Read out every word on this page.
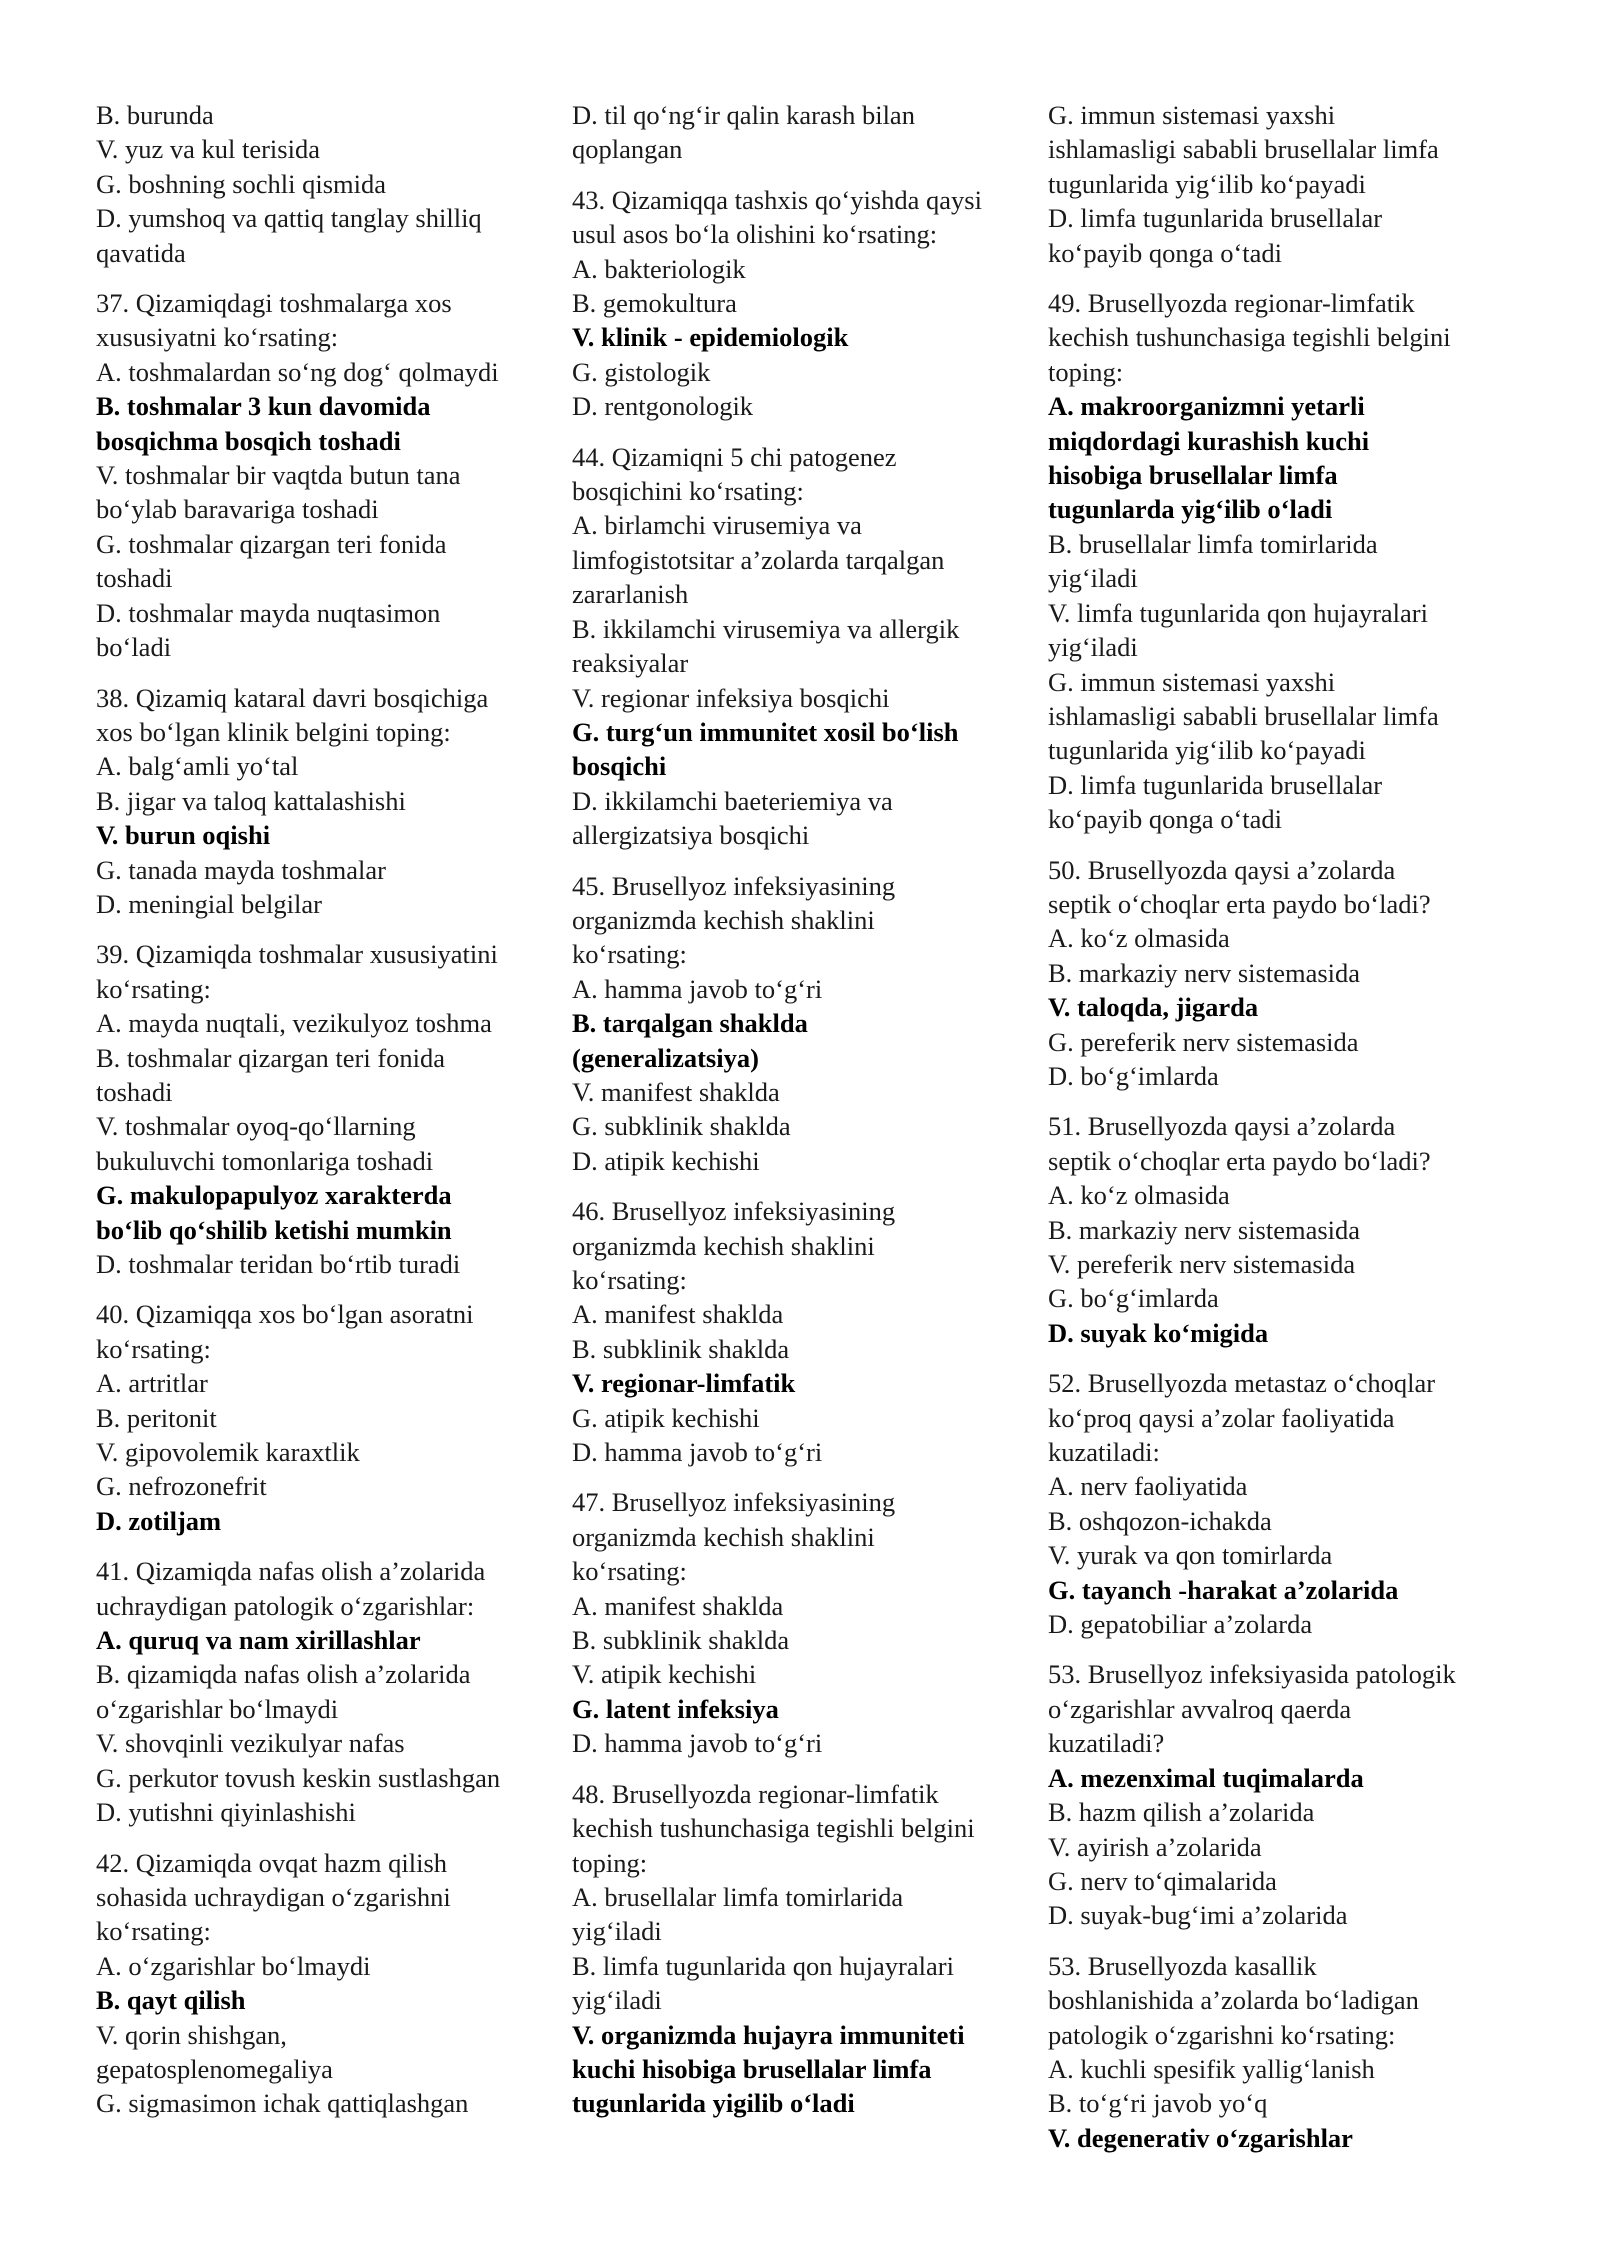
B. burunda
V. yuz va kul terisida
G. boshning sochli qismida
D. yumshoq va qattiq tanglay shilliq
qavatida
37. Qizamiqdagi toshmalarga xos
xususiyatni ko‘rsating:
A. toshmalardan so‘ng dog‘ qolmaydi
B. toshmalar 3 kun davomida
bosqichma bosqich toshadi
V. toshmalar bir vaqtda butun tana
bo‘ylab baravariga toshadi
G. toshmalar qizargan teri fonida
toshadi
D. toshmalar mayda nuqtasimon
bo‘ladi
38. Qizamiq kataral davri bosqichiga
xos bo‘lgan klinik belgini toping:
A. balg‘amli yo‘tal
B. jigar va taloq kattalashishi
V. burun oqishi
G. tanada mayda toshmalar
D. meningial belgilar
39. Qizamiqda toshmalar xususiyatini
ko‘rsating:
A. mayda nuqtali, vezikulyoz toshma
B. toshmalar qizargan teri fonida
toshadi
V. toshmalar oyoq-qo‘llarning
bukuluvchi tomonlariga toshadi
G. makulopapulyoz xarakterda
bo‘lib qo‘shilib ketishi mumkin
D. toshmalar teridan bo‘rtib turadi
40. Qizamiqqa xos bo‘lgan asoratni
ko‘rsating:
A. artritlar
B. peritonit
V. gipovolemik karaxtlik
G. nefrozonefrit
D. zotiljam
41. Qizamiqda nafas olish a’zolarida
uchraydigan patologik o‘zgarishlar:
A. quruq va nam xirillashlar
B. qizamiqda nafas olish a’zolarida
o‘zgarishlar bo‘lmaydi
V. shovqinli vezikulyar nafas
G. perkutor tovush keskin sustlashgan
D. yutishni qiyinlashishi
42. Qizamiqda ovqat hazm qilish
sohasida uchraydigan o‘zgarishni
ko‘rsating:
A. o‘zgarishlar bo‘lmaydi
B. qayt qilish
V. qorin shishgan,
gepatosplenomegaliya
G. sigmasimon ichak qattiqlashgan
D. til qo‘ng‘ir qalin karash bilan
qoplangan
43. Qizamiqqa tashxis qo‘yishda qaysi
usul asos bo‘la olishini ko‘rsating:
A. bakteriologik
B. gemokultura
V. klinik - epidemiologik
G. gistologik
D. rentgonologik
44. Qizamiqni 5 chi patogenez
bosqichini ko‘rsating:
A. birlamchi virusemiya va
limfogistotsitar a’zolarda tarqalgan
zararlanish
B. ikkilamchi virusemiya va allergik
reaksiyalar
V. regionar infeksiya bosqichi
G. turg‘un immunitet xosil bo‘lish
bosqichi
D. ikkilamchi baeteriemiya va
allergizatsiya bosqichi
45. Brusellyoz infeksiyasining
organizmda kechish shaklini
ko‘rsating:
A. hamma javob to‘g‘ri
B. tarqalgan shaklda
(generalizatsiya)
V. manifest shaklda
G. subklinik shaklda
D. atipik kechishi
46. Brusellyoz infeksiyasining
organizmda kechish shaklini
ko‘rsating:
A. manifest shaklda
B. subklinik shaklda
V. regionar-limfatik
G. atipik kechishi
D. hamma javob to‘g‘ri
47. Brusellyoz infeksiyasining
organizmda kechish shaklini
ko‘rsating:
A. manifest shaklda
B. subklinik shaklda
V. atipik kechishi
G. latent infeksiya
D. hamma javob to‘g‘ri
48. Brusellyozda regionar-limfatik
kechish tushunchasiga tegishli belgini
toping:
A. brusellalar limfa tomirlarida
yig‘iladi
B. limfa tugunlarida qon hujayralari
yig‘iladi
V. organizmda hujayra immuniteti
kuchi hisobiga brusellalar limfa
tugunlarida yigilib o‘ladi
G. immun sistemasi yaxshi
ishlamasligi sababli brusellalar limfa
tugunlarida yig‘ilib ko‘payadi
D. limfa tugunlarida brusellalar
ko‘payib qonga o‘tadi
49. Brusellyozda regionar-limfatik
kechish tushunchasiga tegishli belgini
toping:
A. makroorganizmni yetarli
miqdordagi kurashish kuchi
hisobiga brusellalar limfa
tugunlarda yig‘ilib o‘ladi
B. brusellalar limfa tomirlarida
yig‘iladi
V. limfa tugunlarida qon hujayralari
yig‘iladi
G. immun sistemasi yaxshi
ishlamasligi sababli brusellalar limfa
tugunlarida yig‘ilib ko‘payadi
D. limfa tugunlarida brusellalar
ko‘payib qonga o‘tadi
50. Brusellyozda qaysi a’zolarda
septik o‘choqlar erta paydo bo‘ladi?
A. ko‘z olmasida
B. markaziy nerv sistemasida
V. taloqda, jigarda
G. pereferik nerv sistemasida
D. bo‘g‘imlarda
51. Brusellyozda qaysi a’zolarda
septik o‘choqlar erta paydo bo‘ladi?
A. ko‘z olmasida
B. markaziy nerv sistemasida
V. pereferik nerv sistemasida
G. bo‘g‘imlarda
D. suyak ko‘migida
52. Brusellyozda metastaz o‘choqlar
ko‘proq qaysi a’zolar faoliyatida
kuzatiladi:
A. nerv faoliyatida
B. oshqozon-ichakda
V. yurak va qon tomirlarda
G. tayanch -harakat a’zolarida
D. gepatobiliar a’zolarda
53. Brusellyoz infeksiyasida patologik
o‘zgarishlar avvalroq qaerda
kuzatiladi?
A. mezenximal tuqimalarda
B. hazm qilish a’zolarida
V. ayirish a’zolarida
G. nerv to‘qimalarida
D. suyak-bug‘imi a’zolarida
53. Brusellyozda kasallik
boshlanishida a’zolarda bo‘ladigan
patologik o‘zgarishni ko‘rsating:
A. kuchli spesifik yallig‘lanish
B. to‘g‘ri javob yo‘q
V. degenerativ o‘zgarishlar
